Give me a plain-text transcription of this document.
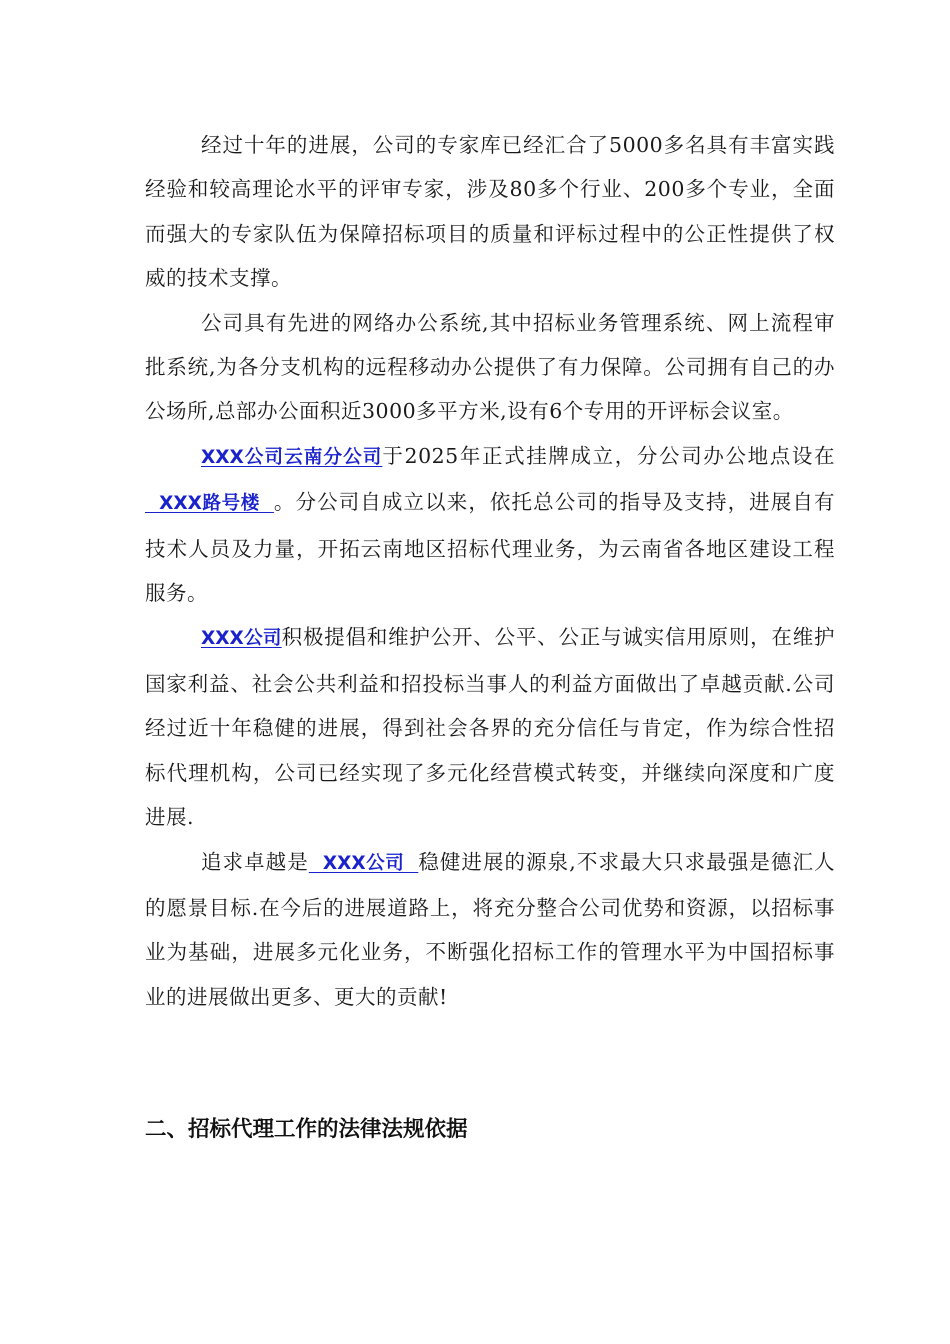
经过十年的进展，公司的专家库已经汇合了5000多名具有丰富实践经验和较高理论水平的评审专家，涉及80多个行业、200多个专业，全面而强大的专家队伍为保障招标项目的质量和评标过程中的公正性提供了权威的技术支撑。

公司具有先进的网络办公系统,其中招标业务管理系统、网上流程审批系统,为各分支机构的远程移动办公提供了有力保障。公司拥有自己的办公场所,总部办公面积近3000多平方米,设有6个专用的开评标会议室。

XXX公司云南分公司于2025年正式挂牌成立，分公司办公地点设在  XXX路号楼  。分公司自成立以来，依托总公司的指导及支持，进展自有技术人员及力量，开拓云南地区招标代理业务，为云南省各地区建设工程服务。

XXX公司积极提倡和维护公开、公平、公正与诚实信用原则，在维护国家利益、社会公共利益和招投标当事人的利益方面做出了卓越贡献.公司经过近十年稳健的进展，得到社会各界的充分信任与肯定，作为综合性招标代理机构，公司已经实现了多元化经营模式转变，并继续向深度和广度进展.

追求卓越是  XXX公司  稳健进展的源泉,不求最大只求最强是德汇人的愿景目标.在今后的进展道路上，将充分整合公司优势和资源，以招标事业为基础，进展多元化业务，不断强化招标工作的管理水平为中国招标事业的进展做出更多、更大的贡献!

二、招标代理工作的法律法规依据
